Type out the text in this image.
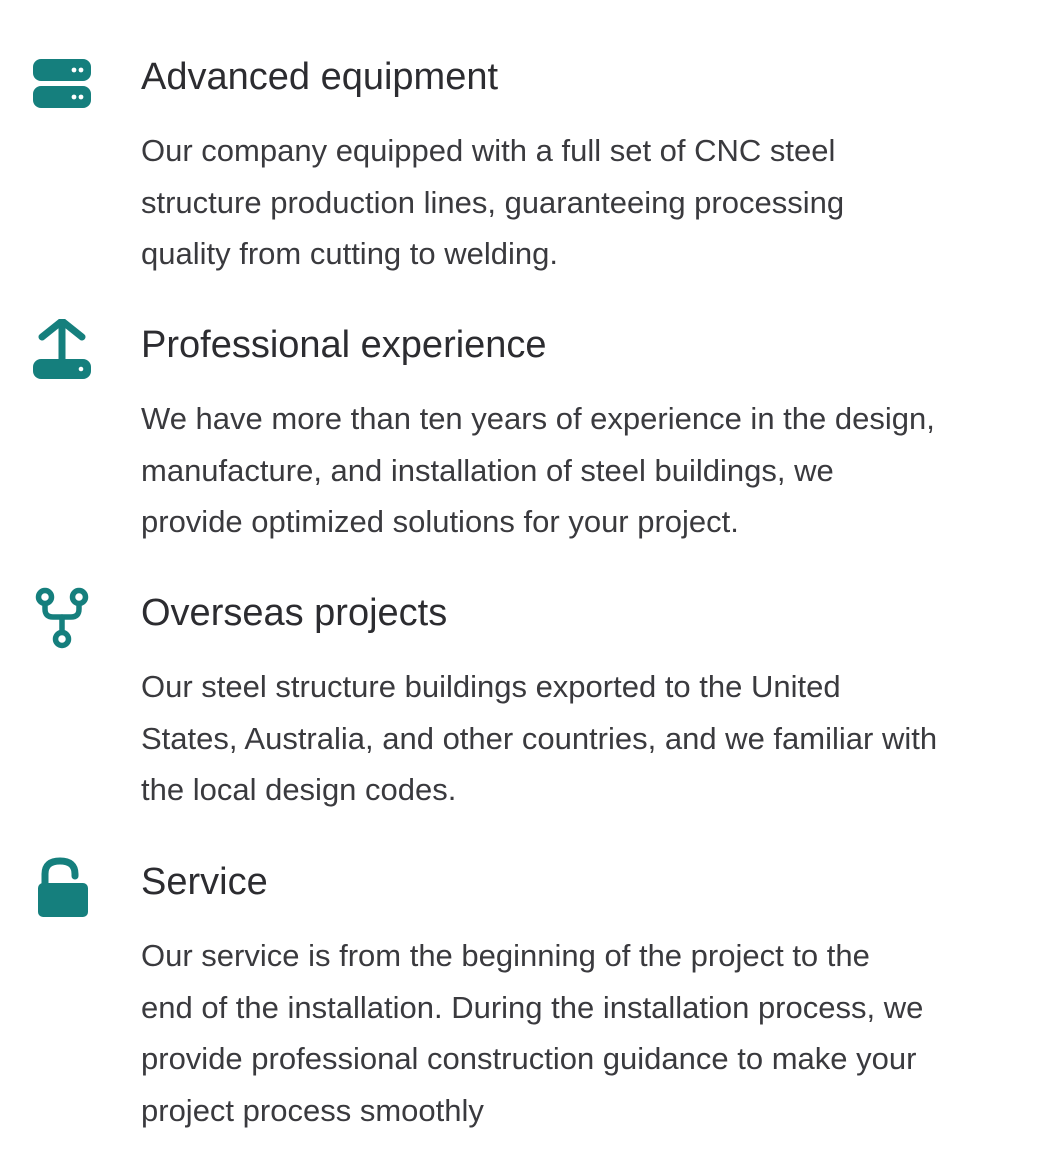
Advanced equipment

Our company equipped with a full set of CNC steel
structure production lines, guaranteeing processing
quality from cutting to welding.

Professional experience

We have more than ten years of experience in the design,
manufacture, and installation of steel buildings, we
provide optimized solutions for your project.

Overseas projects

Our steel structure buildings exported to the United
States, Australia, and other countries, and we familiar with
the local design codes.

Service

Our service is from the beginning of the project to the
end of the installation. During the installation process, we
provide professional construction guidance to make your
project process smoothly
